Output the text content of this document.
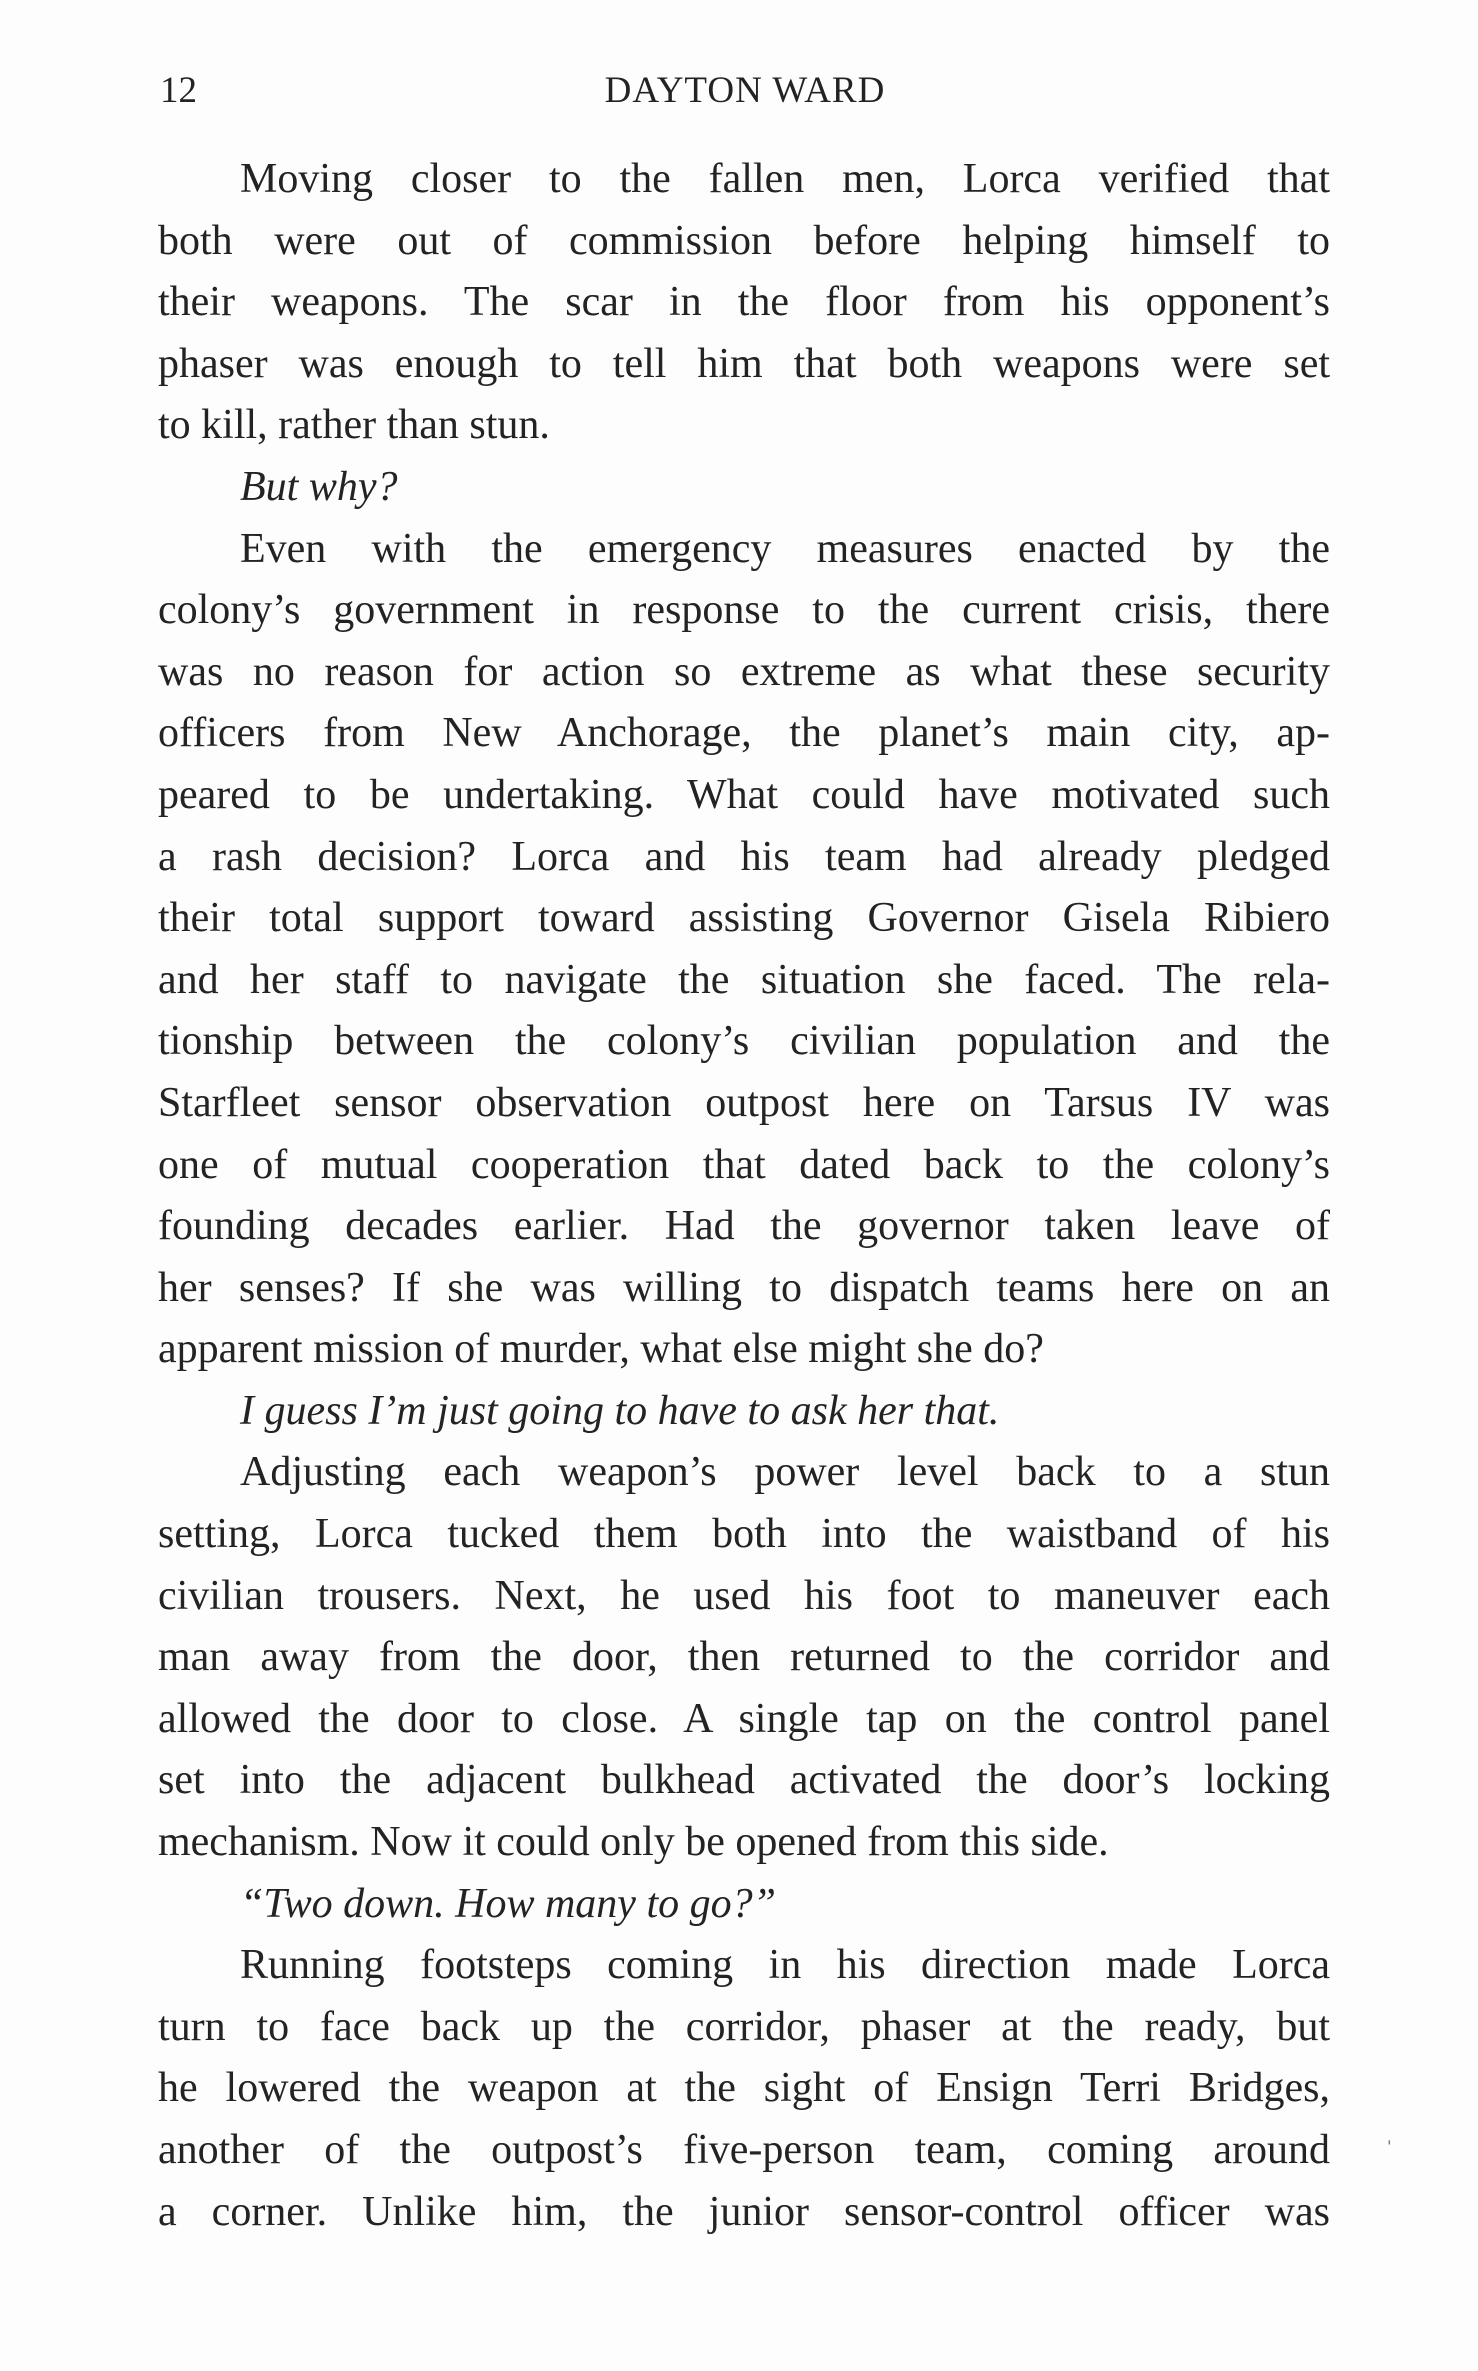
12	DAYTON WARD
Moving closer to the fallen men, Lorca verified that
both were out of commission before helping himself to
their weapons. The scar in the floor from his opponent’s
phaser was enough to tell him that both weapons were set
to kill, rather than stun.
But why?
Even with the emergency measures enacted by the
colony’s government in response to the current crisis, there
was no reason for action so extreme as what these security
officers from New Anchorage, the planet’s main city, ap-
peared to be undertaking. What could have motivated such
a rash decision? Lorca and his team had already pledged
their total support toward assisting Governor Gisela Ribiero
and her staff to navigate the situation she faced. The rela-
tionship between the colony’s civilian population and the
Starfleet sensor observation outpost here on Tarsus IV was
one of mutual cooperation that dated back to the colony’s
founding decades earlier. Had the governor taken leave of
her senses? If she was willing to dispatch teams here on an
apparent mission of murder, what else might she do?
I guess I’m just going to have to ask her that.
Adjusting each weapon’s power level back to a stun
setting, Lorca tucked them both into the waistband of his
civilian trousers. Next, he used his foot to maneuver each
man away from the door, then returned to the corridor and
allowed the door to close. A single tap on the control panel
set into the adjacent bulkhead activated the door’s locking
mechanism. Now it could only be opened from this side.
“Two down. How many to go?”
Running footsteps coming in his direction made Lorca
turn to face back up the corridor, phaser at the ready, but
he lowered the weapon at the sight of Ensign Terri Bridges,
another of the outpost’s five-person team, coming around
a corner. Unlike him, the junior sensor-control officer was
ˈ
